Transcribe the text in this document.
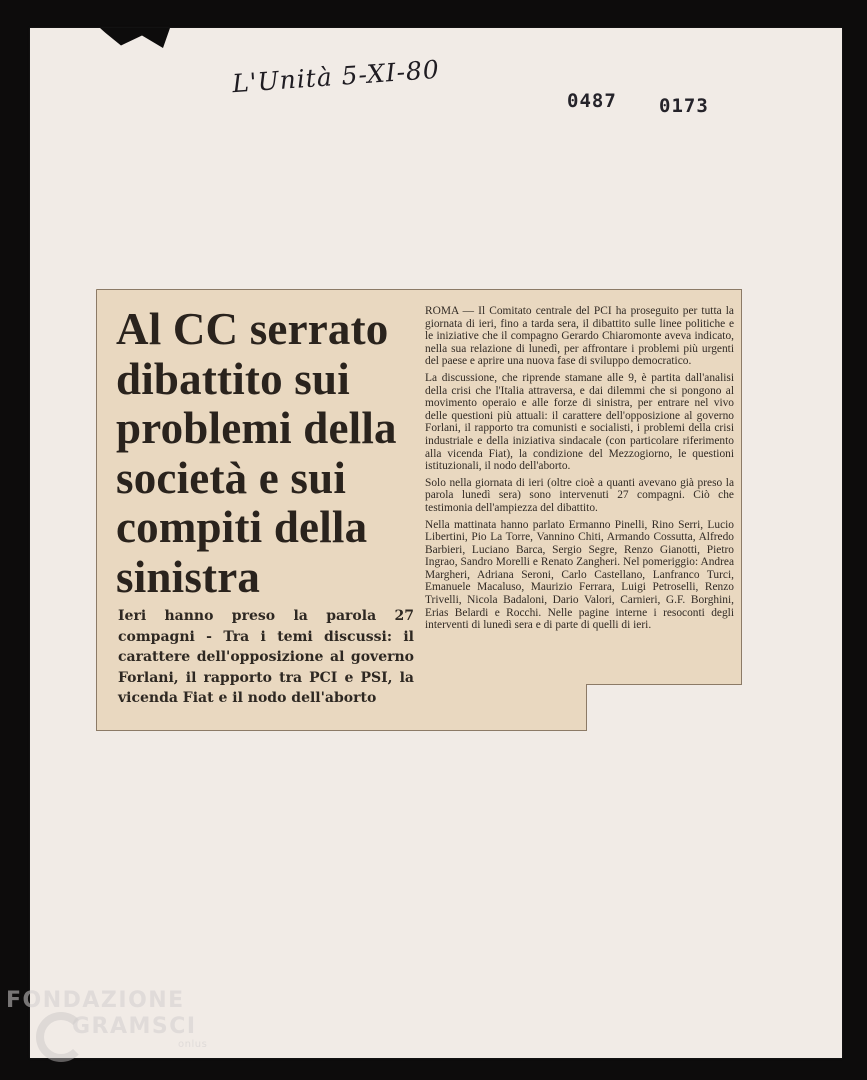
L'Unità 5-XI-80
0487 0173
Al CC serrato dibattito sui problemi della società e sui compiti della sinistra
Ieri hanno preso la parola 27 compagni - Tra i temi discussi: il carattere dell'opposizione al governo Forlani, il rapporto tra PCI e PSI, la vicenda Fiat e il nodo dell'aborto

ROMA — Il Comitato centrale del PCI ha proseguito per tutta la giornata di ieri, fino a tarda sera, il dibattito sulle linee politiche e le iniziative che il compagno Gerardo Chiaromonte aveva indicato, nella sua relazione di lunedì, per affrontare i problemi più urgenti del paese e aprire una nuova fase di sviluppo democratico.

La discussione, che riprende stamane alle 9, è partita dall'analisi della crisi che l'Italia attraversa, e dai dilemmi che si pongono al movimento operaio e alle forze di sinistra, per entrare nel vivo delle questioni più attuali: il carattere dell'opposizione al governo Forlani, il rapporto tra comunisti e socialisti, i problemi della crisi industriale e della iniziativa sindacale (con particolare riferimento alla vicenda Fiat), la condizione del Mezzogiorno, le questioni istituzionali, il nodo dell'aborto.

Solo nella giornata di ieri (oltre cioè a quanti avevano già preso la parola lunedì sera) sono intervenuti 27 compagni. Ciò che testimonia dell'ampiezza del dibattito.

Nella mattinata hanno parlato Ermanno Pinelli, Rino Serri, Lucio Libertini, Pio La Torre, Vannino Chiti, Armando Cossutta, Alfredo Barbieri, Luciano Barca, Sergio Segre, Renzo Gianotti, Pietro Ingrao, Sandro Morelli e Renato Zangheri. Nel pomeriggio: Andrea Margheri, Adriana Seroni, Carlo Castellano, Lanfranco Turci, Emanuele Macaluso, Maurizio Ferrara, Luigi Petroselli, Renzo Trivelli, Nicola Badaloni, Dario Valori, Carnieri, G.F. Borghini, Erias Belardi e Rocchi. Nelle pagine interne i resoconti degli interventi di lunedì sera e di parte di quelli di ieri.

FONDAZIONE
GRAMSCI
onlus
